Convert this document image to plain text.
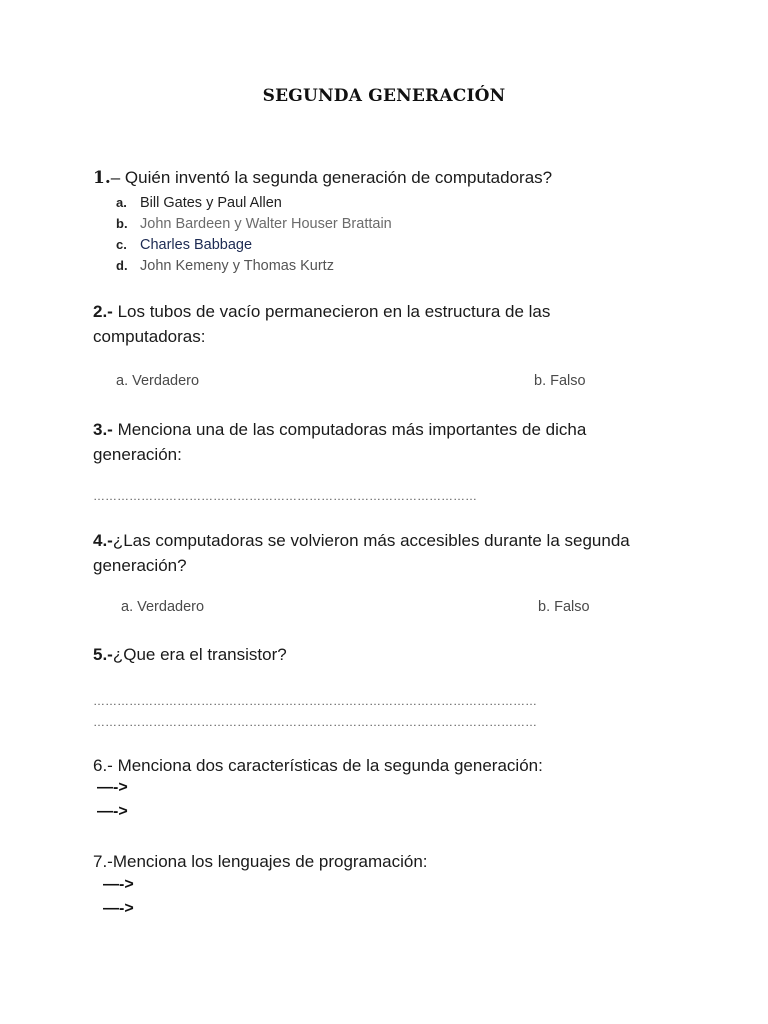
SEGUNDA GENERACIÓN
1.– Quién inventó la segunda generación de computadoras?
a. Bill Gates y Paul Allen
b. John Bardeen y Walter Houser Brattain
c. Charles Babbage
d. John Kemeny y Thomas Kurtz
2.- Los tubos de vacío permanecieron en la estructura de las computadoras:
a. Verdadero	b. Falso
3.- Menciona una de las computadoras más importantes de dicha generación:
……………………………………………………………………………………
4.-¿Las computadoras se volvieron más accesibles durante la segunda generación?
a. Verdadero	b. Falso
5.-¿Que era el transistor?
…………………………………………………………………………………………………
…………………………………………………………………………………………………
6.- Menciona dos características de la segunda generación:
—->
—->
7.-Menciona los lenguajes de programación:
—->
—->
